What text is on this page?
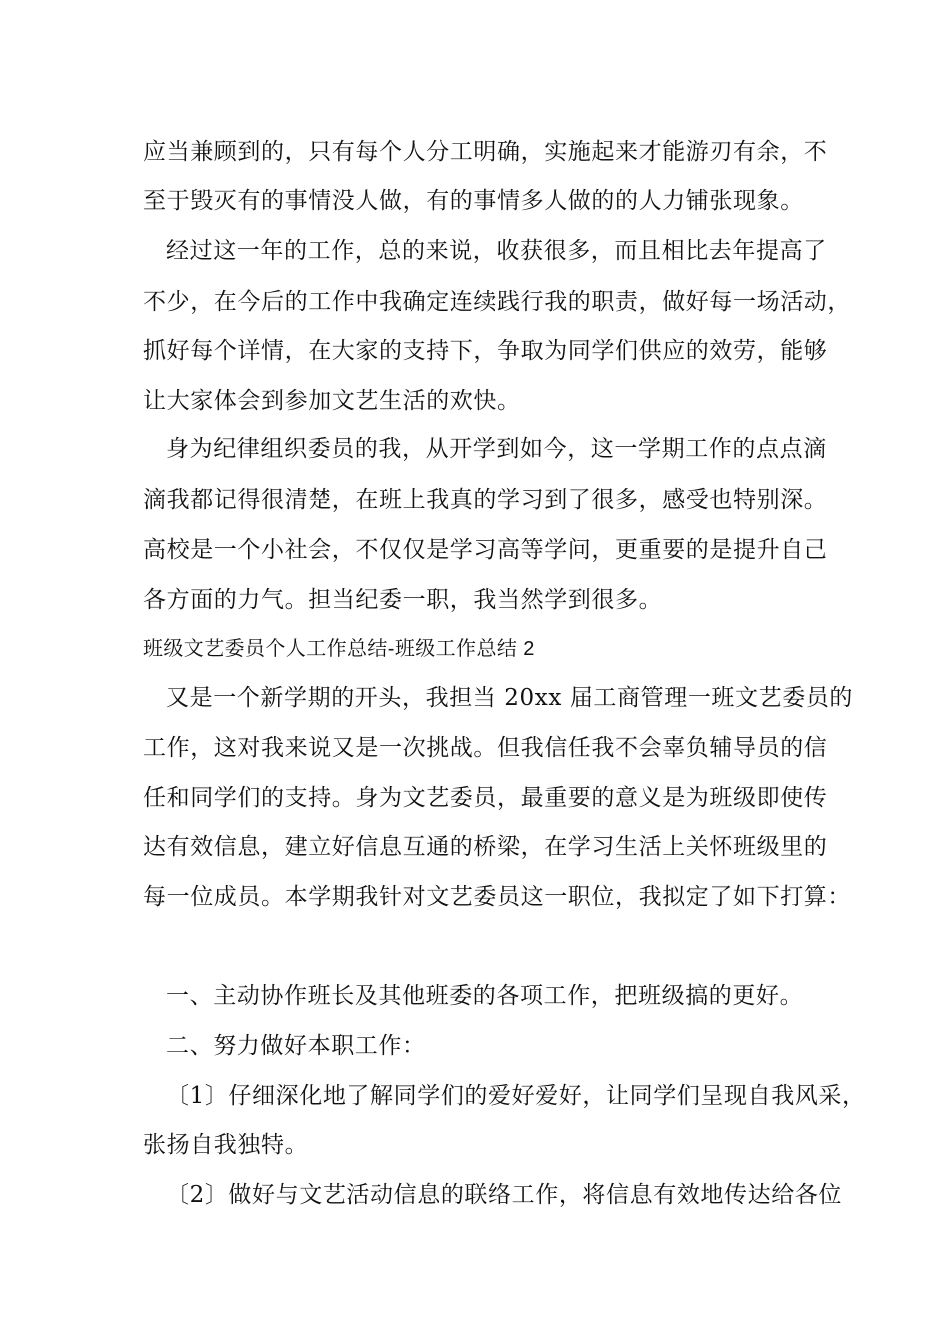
应当兼顾到的，只有每个人分工明确，实施起来才能游刃有余，不
至于毁灭有的事情没人做，有的事情多人做的的人力铺张现象。
经过这一年的工作，总的来说，收获很多，而且相比去年提高了
不少，在今后的工作中我确定连续践行我的职责，做好每一场活动，
抓好每个详情，在大家的支持下，争取为同学们供应的效劳，能够
让大家体会到参加文艺生活的欢快。
身为纪律组织委员的我，从开学到如今，这一学期工作的点点滴
滴我都记得很清楚，在班上我真的学习到了很多，感受也特别深。
高校是一个小社会，不仅仅是学习高等学问，更重要的是提升自己
各方面的力气。担当纪委一职，我当然学到很多。
班级文艺委员个人工作总结-班级工作总结 2
又是一个新学期的开头，我担当 20xx 届工商管理一班文艺委员的
工作，这对我来说又是一次挑战。但我信任我不会辜负辅导员的信
任和同学们的支持。身为文艺委员，最重要的意义是为班级即使传
达有效信息，建立好信息互通的桥梁，在学习生活上关怀班级里的
每一位成员。本学期我针对文艺委员这一职位，我拟定了如下打算：
一、主动协作班长及其他班委的各项工作，把班级搞的更好。
二、努力做好本职工作：
〔1〕仔细深化地了解同学们的爱好爱好，让同学们呈现自我风采，
张扬自我独特。
〔2〕做好与文艺活动信息的联络工作，将信息有效地传达给各位
